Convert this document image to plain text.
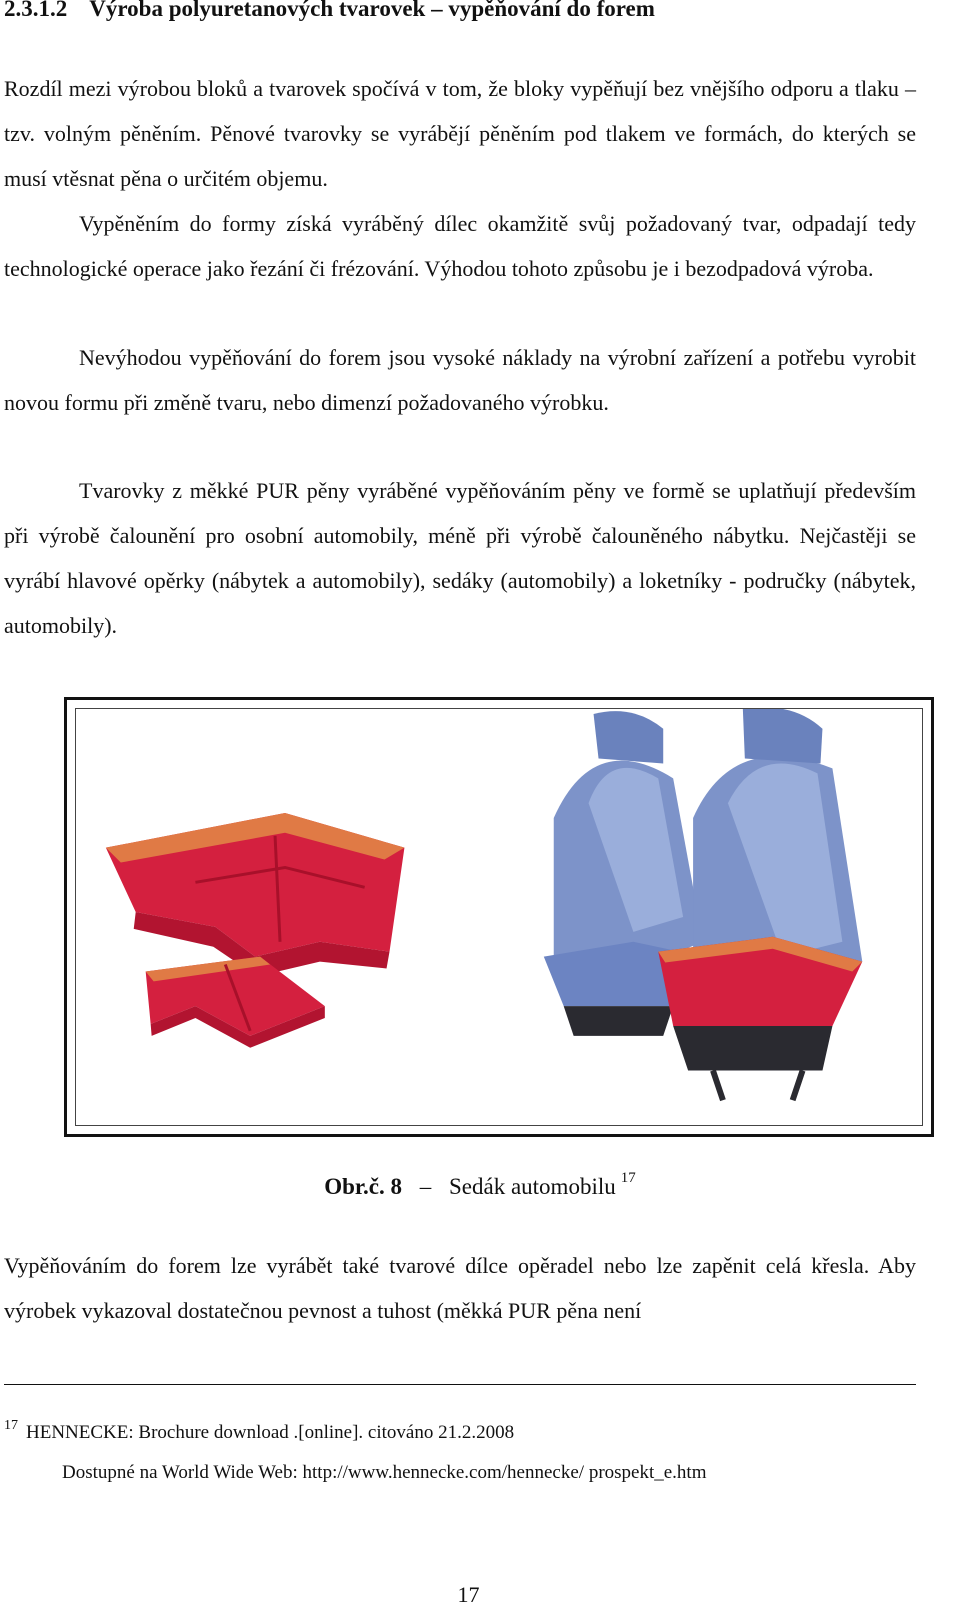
2.3.1.2 Výroba polyuretanových tvarovek – vypěňování do forem

Rozdíl mezi výrobou bloků a tvarovek spočívá v tom, že bloky vypěňují bez vnějšího odporu a tlaku – tzv. volným pěněním. Pěnové tvarovky se vyrábějí pěněním pod tlakem ve formách, do kterých se musí vtěsnat pěna o určitém objemu.

Vypěněním do formy získá vyráběný dílec okamžitě svůj požadovaný tvar, odpadají tedy technologické operace jako řezání či frézování. Výhodou tohoto způsobu je i bezodpadová výroba.

Nevýhodou vypěňování do forem jsou vysoké náklady na výrobní zařízení a potřebu vyrobit novou formu při změně tvaru, nebo dimenzí požadovaného výrobku.

Tvarovky z měkké PUR pěny vyráběné vypěňováním pěny ve formě se uplatňují především při výrobě čalounění pro osobní automobily, méně při výrobě čalouněného nábytku. Nejčastěji se vyrábí hlavové opěrky (nábytek a automobily), sedáky (automobily) a loketníky - područky (nábytek, automobily).

Obr.č. 8 – Sedák automobilu $^{17}$

Vypěňováním do forem lze vyrábět také tvarové dílce opěradel nebo lze zapěnit celá křesla. Aby výrobek vykazoval dostatečnou pevnost a tuhost (měkká PUR pěna není

$^{17}$ HENNECKE: Brochure download .[online]. citováno 21.2.2008
Dostupné na World Wide Web: http://www.hennecke.com/hennecke/ prospekt_e.htm
17
